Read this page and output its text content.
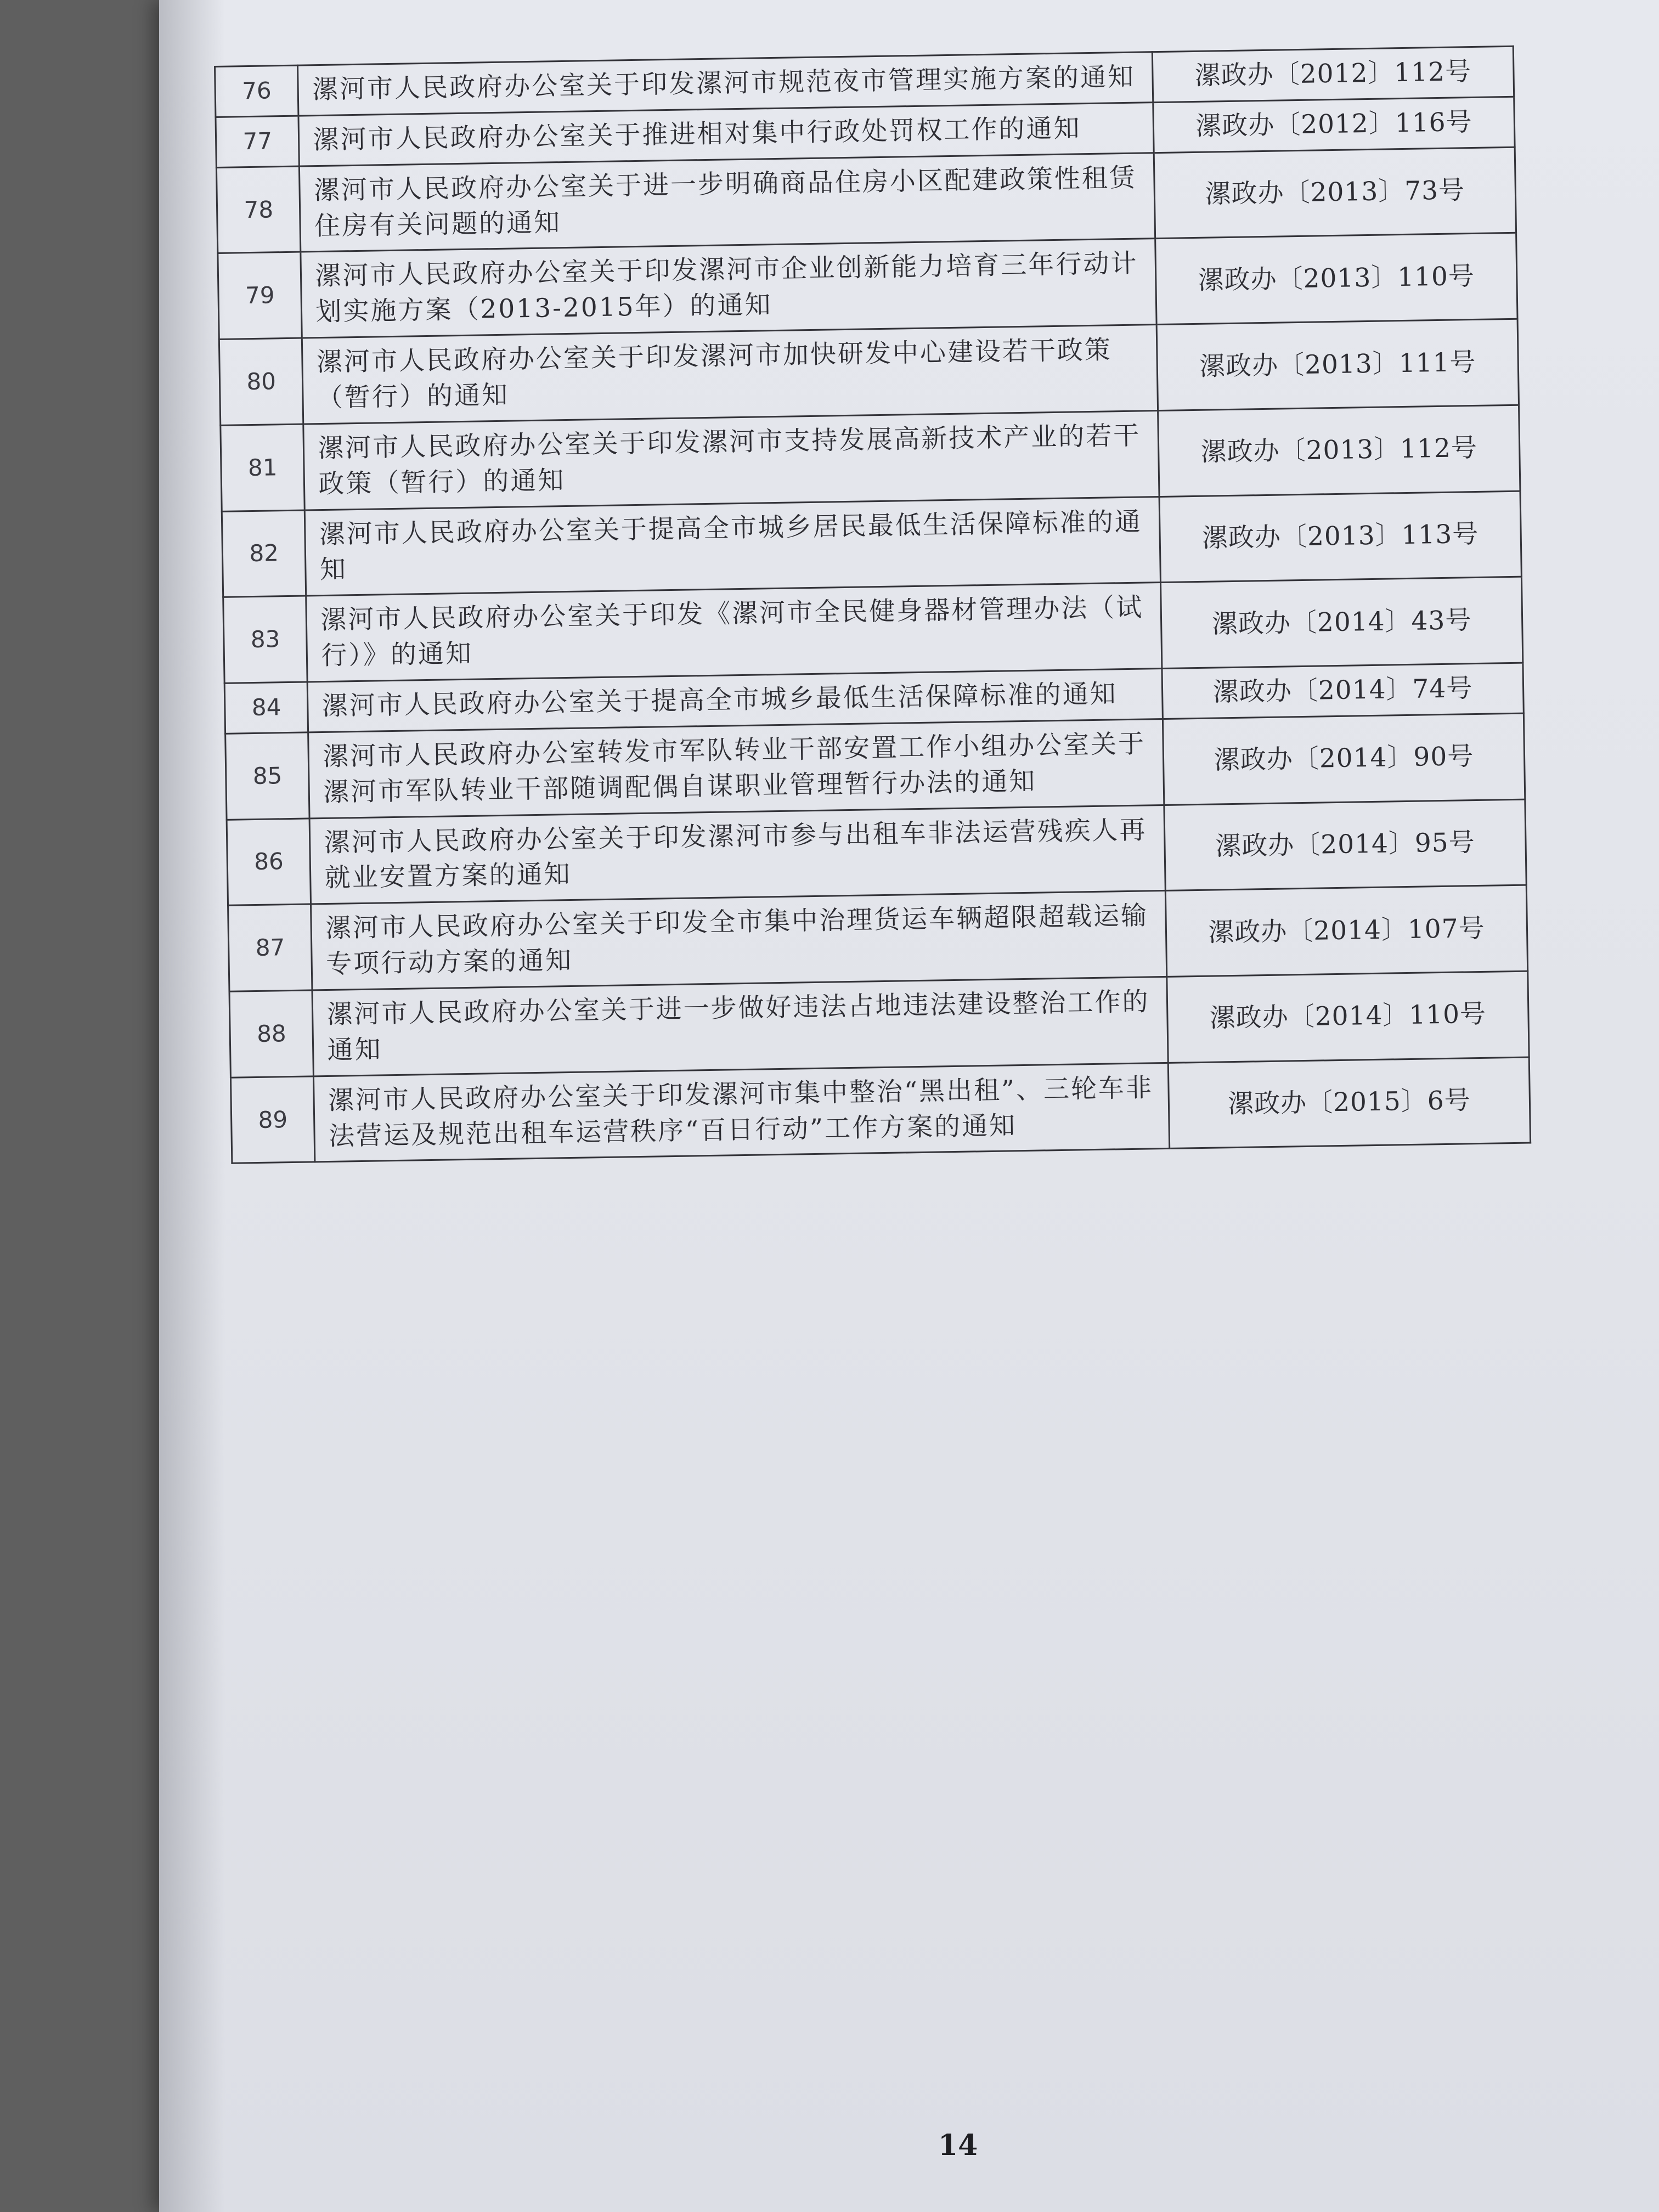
76	漯河市人民政府办公室关于印发漯河市规范夜市管理实施方案的通知	漯政办〔2012〕112号
77	漯河市人民政府办公室关于推进相对集中行政处罚权工作的通知	漯政办〔2012〕116号
78	漯河市人民政府办公室关于进一步明确商品住房小区配建政策性租赁住房有关问题的通知	漯政办〔2013〕73号
79	漯河市人民政府办公室关于印发漯河市企业创新能力培育三年行动计划实施方案（2013-2015年）的通知	漯政办〔2013〕110号
80	漯河市人民政府办公室关于印发漯河市加快研发中心建设若干政策（暂行）的通知	漯政办〔2013〕111号
81	漯河市人民政府办公室关于印发漯河市支持发展高新技术产业的若干政策（暂行）的通知	漯政办〔2013〕112号
82	漯河市人民政府办公室关于提高全市城乡居民最低生活保障标准的通知	漯政办〔2013〕113号
83	漯河市人民政府办公室关于印发《漯河市全民健身器材管理办法（试行）》的通知	漯政办〔2014〕43号
84	漯河市人民政府办公室关于提高全市城乡最低生活保障标准的通知	漯政办〔2014〕74号
85	漯河市人民政府办公室转发市军队转业干部安置工作小组办公室关于漯河市军队转业干部随调配偶自谋职业管理暂行办法的通知	漯政办〔2014〕90号
86	漯河市人民政府办公室关于印发漯河市参与出租车非法运营残疾人再就业安置方案的通知	漯政办〔2014〕95号
87	漯河市人民政府办公室关于印发全市集中治理货运车辆超限超载运输专项行动方案的通知	漯政办〔2014〕107号
88	漯河市人民政府办公室关于进一步做好违法占地违法建设整治工作的通知	漯政办〔2014〕110号
89	漯河市人民政府办公室关于印发漯河市集中整治“黑出租”、三轮车非法营运及规范出租车运营秩序“百日行动”工作方案的通知	漯政办〔2015〕6号

14
